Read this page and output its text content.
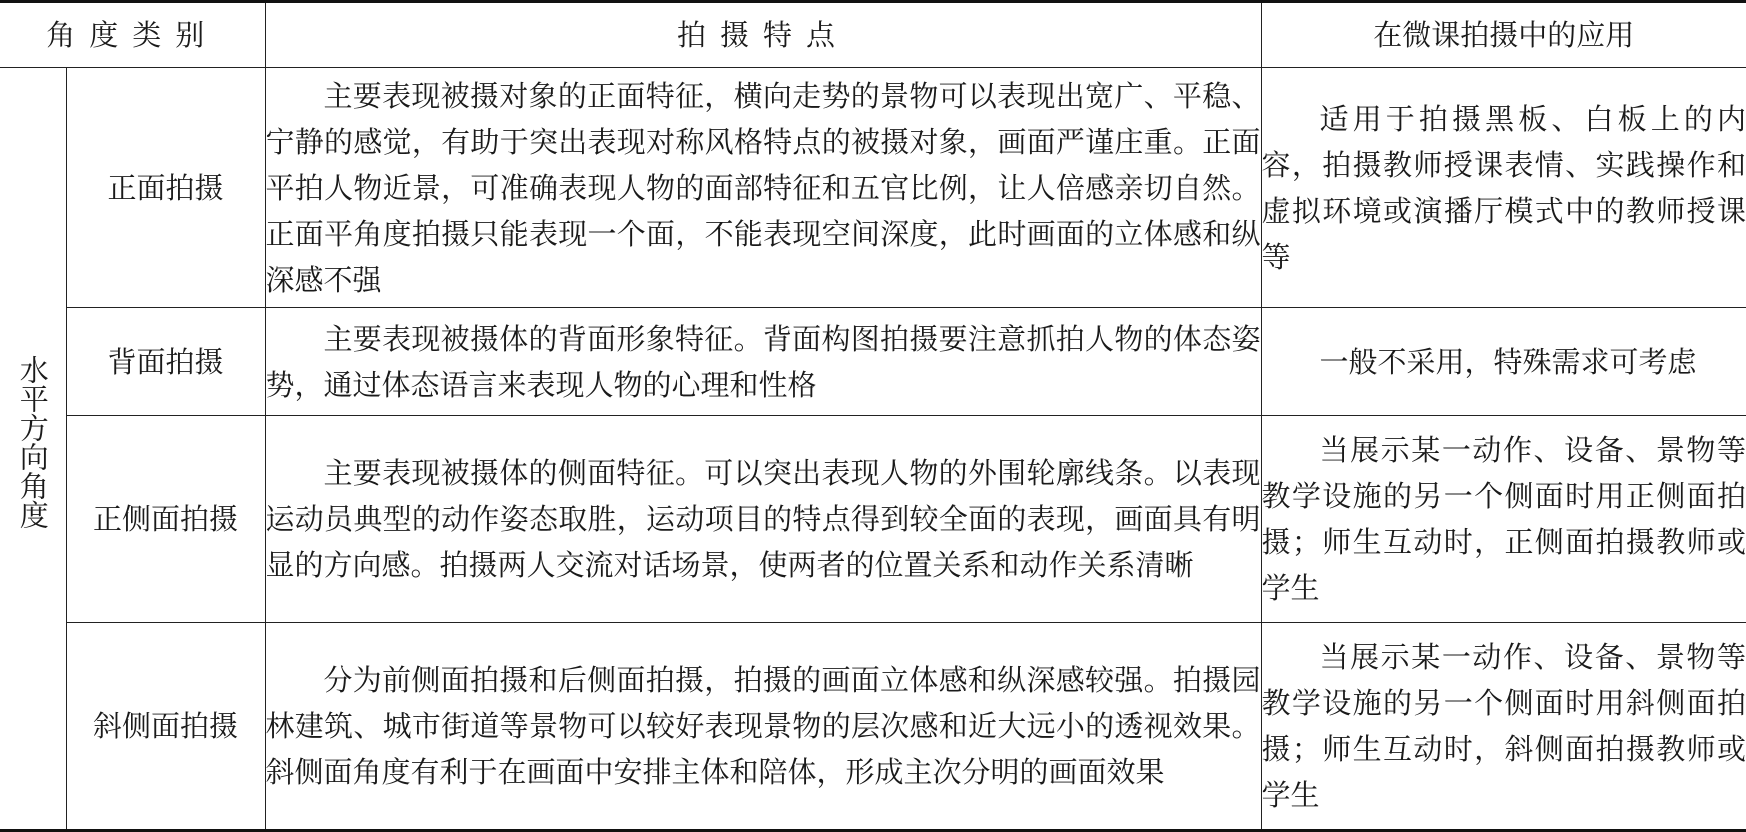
角度类别		拍摄特点	在微课拍摄中的应用
水平方向角度	正面拍摄	主要表现被摄对象的正面特征，横向走势的景物可以表现出宽广、平稳、宁静的感觉，有助于突出表现对称风格特点的被摄对象，画面严谨庄重。正面平拍人物近景，可准确表现人物的面部特征和五官比例，让人倍感亲切自然。正面平角度拍摄只能表现一个面，不能表现空间深度，此时画面的立体感和纵深感不强	适用于拍摄黑板、白板上的内容，拍摄教师授课表情、实践操作和虚拟环境或演播厅模式中的教师授课等

	背面拍摄	主要表现被摄体的背面形象特征。背面构图拍摄要注意抓拍人物的体态姿势，通过体态语言来表现人物的心理和性格	一般不采用，特殊需求可考虑

	正侧面拍摄	主要表现被摄体的侧面特征。可以突出表现人物的外围轮廓线条。以表现运动员典型的动作姿态取胜，运动项目的特点得到较全面的表现，画面具有明显的方向感。拍摄两人交流对话场景，使两者的位置关系和动作关系清晰	当展示某一动作、设备、景物等教学设施的另一个侧面时用正侧面拍摄；师生互动时，正侧面拍摄教师或学生

	斜侧面拍摄	分为前侧面拍摄和后侧面拍摄，拍摄的画面立体感和纵深感较强。拍摄园林建筑、城市街道等景物可以较好表现景物的层次感和近大远小的透视效果。斜侧面角度有利于在画面中安排主体和陪体，形成主次分明的画面效果	当展示某一动作、设备、景物等教学设施的另一个侧面时用斜侧面拍摄；师生互动时，斜侧面拍摄教师或学生
